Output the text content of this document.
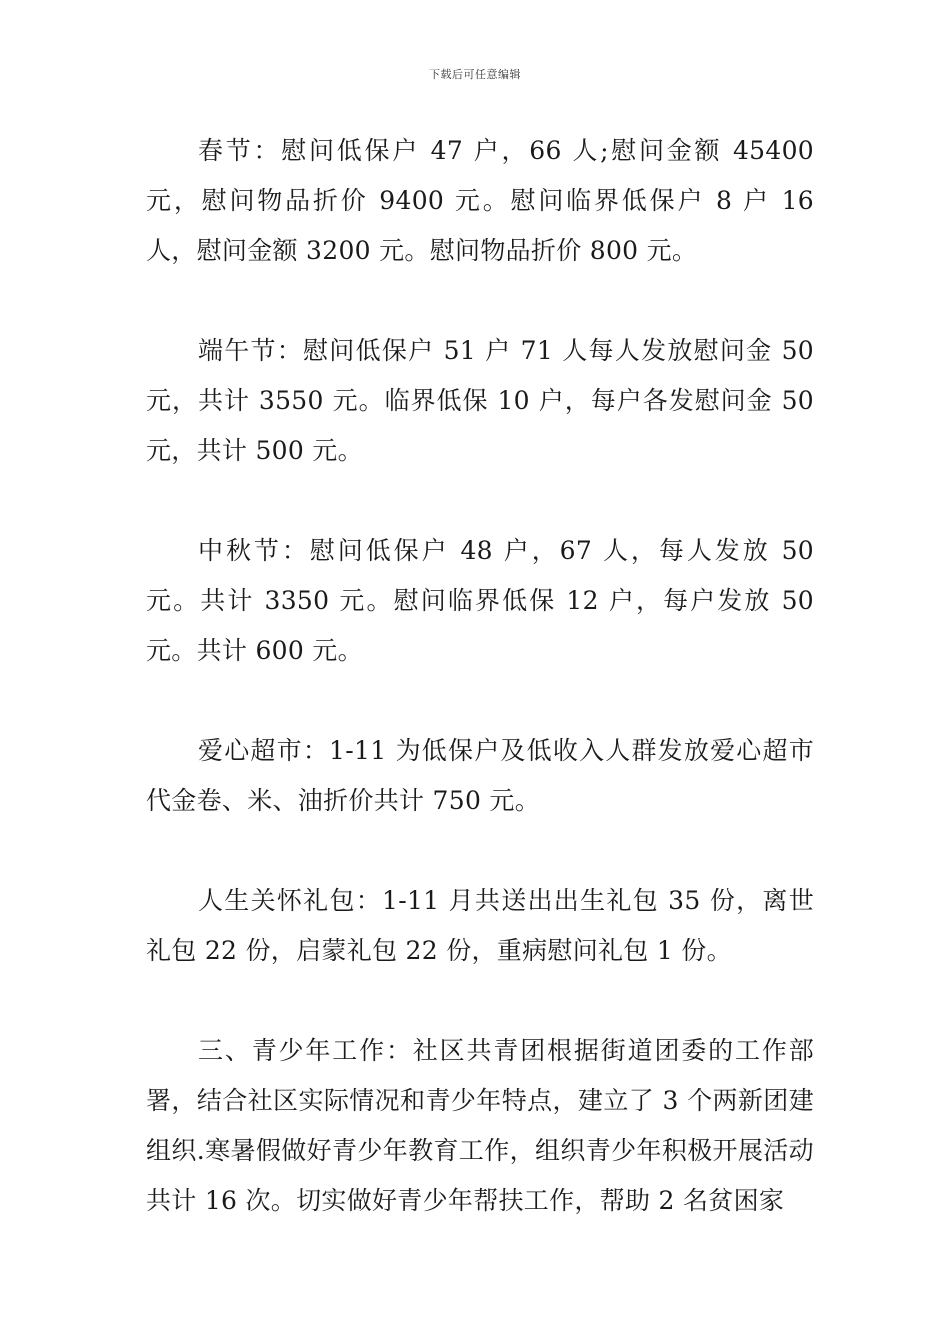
下载后可任意编辑

春节：慰问低保户 47 户，66 人;慰问金额 45400 元，慰问物品折价 9400 元。慰问临界低保户 8 户 16 人，慰问金额 3200 元。慰问物品折价 800 元。

端午节：慰问低保户 51 户 71 人每人发放慰问金 50 元，共计 3550 元。临界低保 10 户，每户各发慰问金 50 元，共计 500 元。

中秋节：慰问低保户 48 户，67 人，每人发放 50 元。共计 3350 元。慰问临界低保 12 户，每户发放 50 元。共计 600 元。

爱心超市：1-11 为低保户及低收入人群发放爱心超市代金卷、米、油折价共计 750 元。

人生关怀礼包：1-11 月共送出出生礼包 35 份，离世礼包 22 份，启蒙礼包 22 份，重病慰问礼包 1 份。

三、青少年工作：社区共青团根据街道团委的工作部署，结合社区实际情况和青少年特点，建立了 3 个两新团建组织.寒暑假做好青少年教育工作，组织青少年积极开展活动共计 16 次。切实做好青少年帮扶工作，帮助 2 名贫困家
